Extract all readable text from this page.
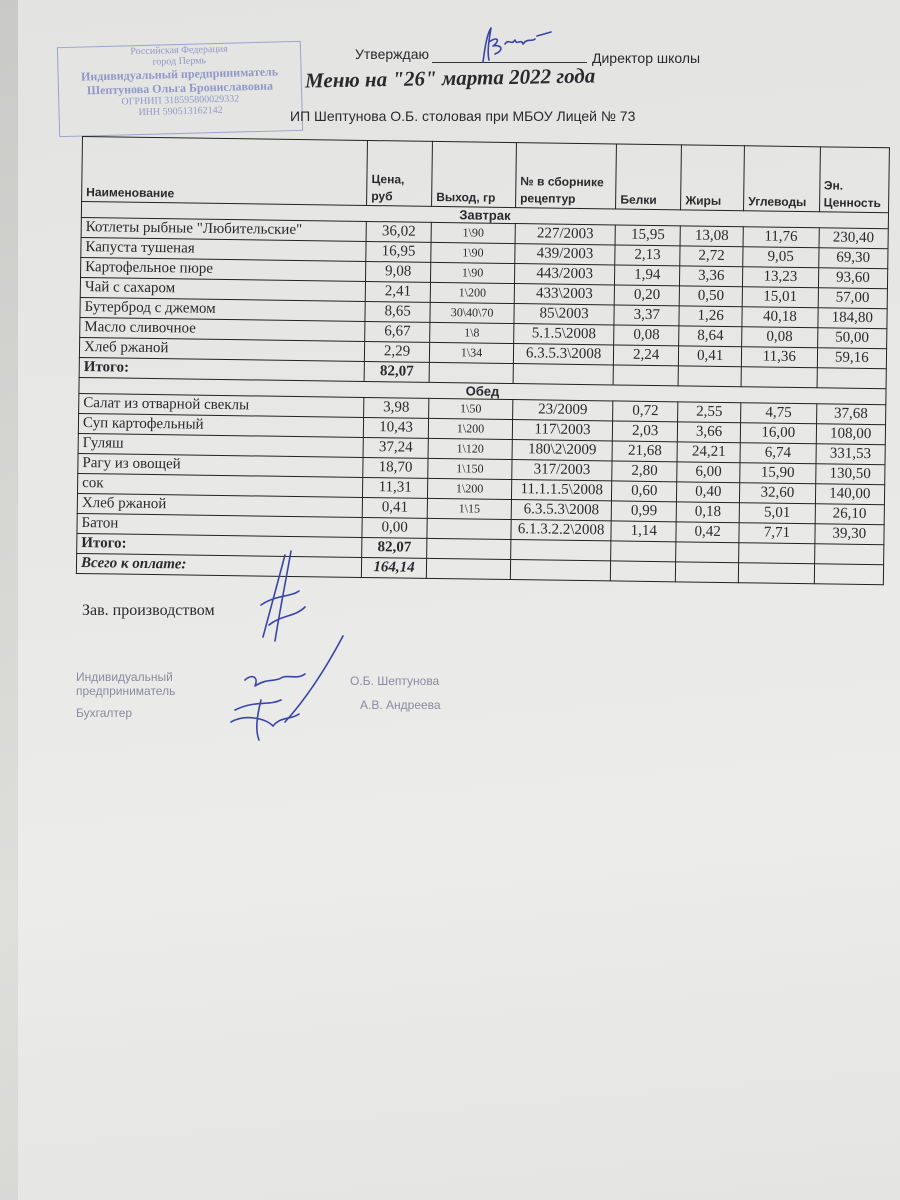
Российская Федерация
город Пермь
Индивидуальный предприниматель
Шептунова Ольга Брониславовна
ОГРНИП 318595800029332
ИНН 590513162142
Утверждаю	Директор школы
Меню на "26" марта 2022 года
ИП Шептунова О.Б. столовая при МБОУ Лицей № 73
Наименование	Цена, руб	Выход, гр	№ в сборнике рецептур	Белки	Жиры	Углеводы	Эн. Ценность
Завтрак							
Котлеты рыбные "Любительские"	36,02	1\90	227/2003	15,95	13,08	11,76	230,40
Капуста тушеная	16,95	1\90	439/2003	2,13	2,72	9,05	69,30
Картофельное пюре	9,08	1\90	443/2003	1,94	3,36	13,23	93,60
Чай с сахаром	2,41	1\200	433\2003	0,20	0,50	15,01	57,00
Бутерброд с джемом	8,65	30\40\70	85\2003	3,37	1,26	40,18	184,80
Масло сливочное	6,67	1\8	5.1.5\2008	0,08	8,64	0,08	50,00
Хлеб ржаной	2,29	1\34	6.3.5.3\2008	2,24	0,41	11,36	59,16
Итого:	82,07						
Обед							
Салат из отварной свеклы	3,98	1\50	23/2009	0,72	2,55	4,75	37,68
Суп картофельный	10,43	1\200	117\2003	2,03	3,66	16,00	108,00
Гуляш	37,24	1\120	180\2\2009	21,68	24,21	6,74	331,53
Рагу из овощей	18,70	1\150	317/2003	2,80	6,00	15,90	130,50
сок	11,31	1\200	11.1.1.5\2008	0,60	0,40	32,60	140,00
Хлеб ржаной	0,41	1\15	6.3.5.3\2008	0,99	0,18	5,01	26,10
Батон	0,00		6.1.3.2.2\2008	1,14	0,42	7,71	39,30
Итого:	82,07						
Всего к оплате:	164,14						
Зав. производством
Индивидуальный
предприниматель
О.Б. Шептунова
Бухгалтер
А.В. Андреева
